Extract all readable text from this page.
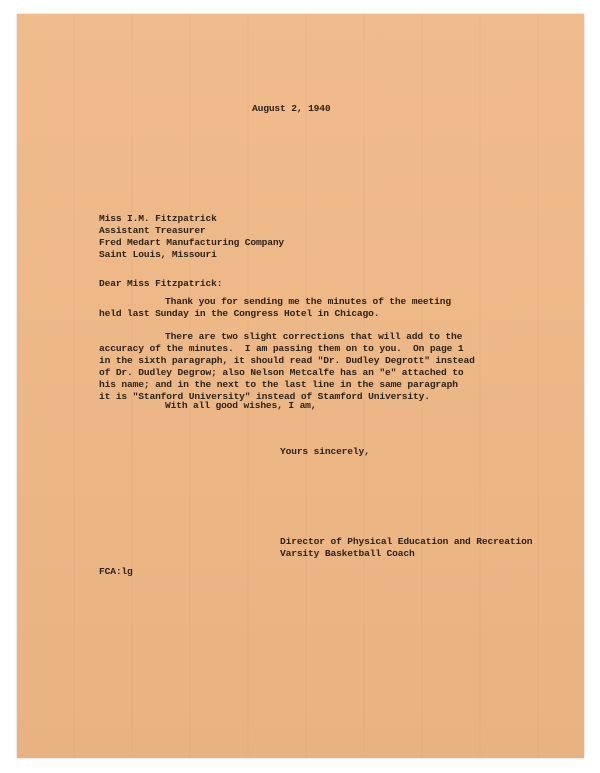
August 2, 1940
Miss I.M. Fitzpatrick
Assistant Treasurer
Fred Medart Manufacturing Company
Saint Louis, Missouri
Dear Miss Fitzpatrick:
Thank you for sending me the minutes of the meeting
held last Sunday in the Congress Hotel in Chicago.
There are two slight corrections that will add to the
accuracy of the minutes.  I am passing them on to you.  On page 1
in the sixth paragraph, it should read "Dr. Dudley Degrott" instead
of Dr. Dudley Degrow; also Nelson Metcalfe has an "e" attached to
his name; and in the next to the last line in the same paragraph
it is "Stanford University" instead of Stamford University.
With all good wishes, I am,
Yours sincerely,
Director of Physical Education and Recreation
Varsity Basketball Coach
FCA:lg
